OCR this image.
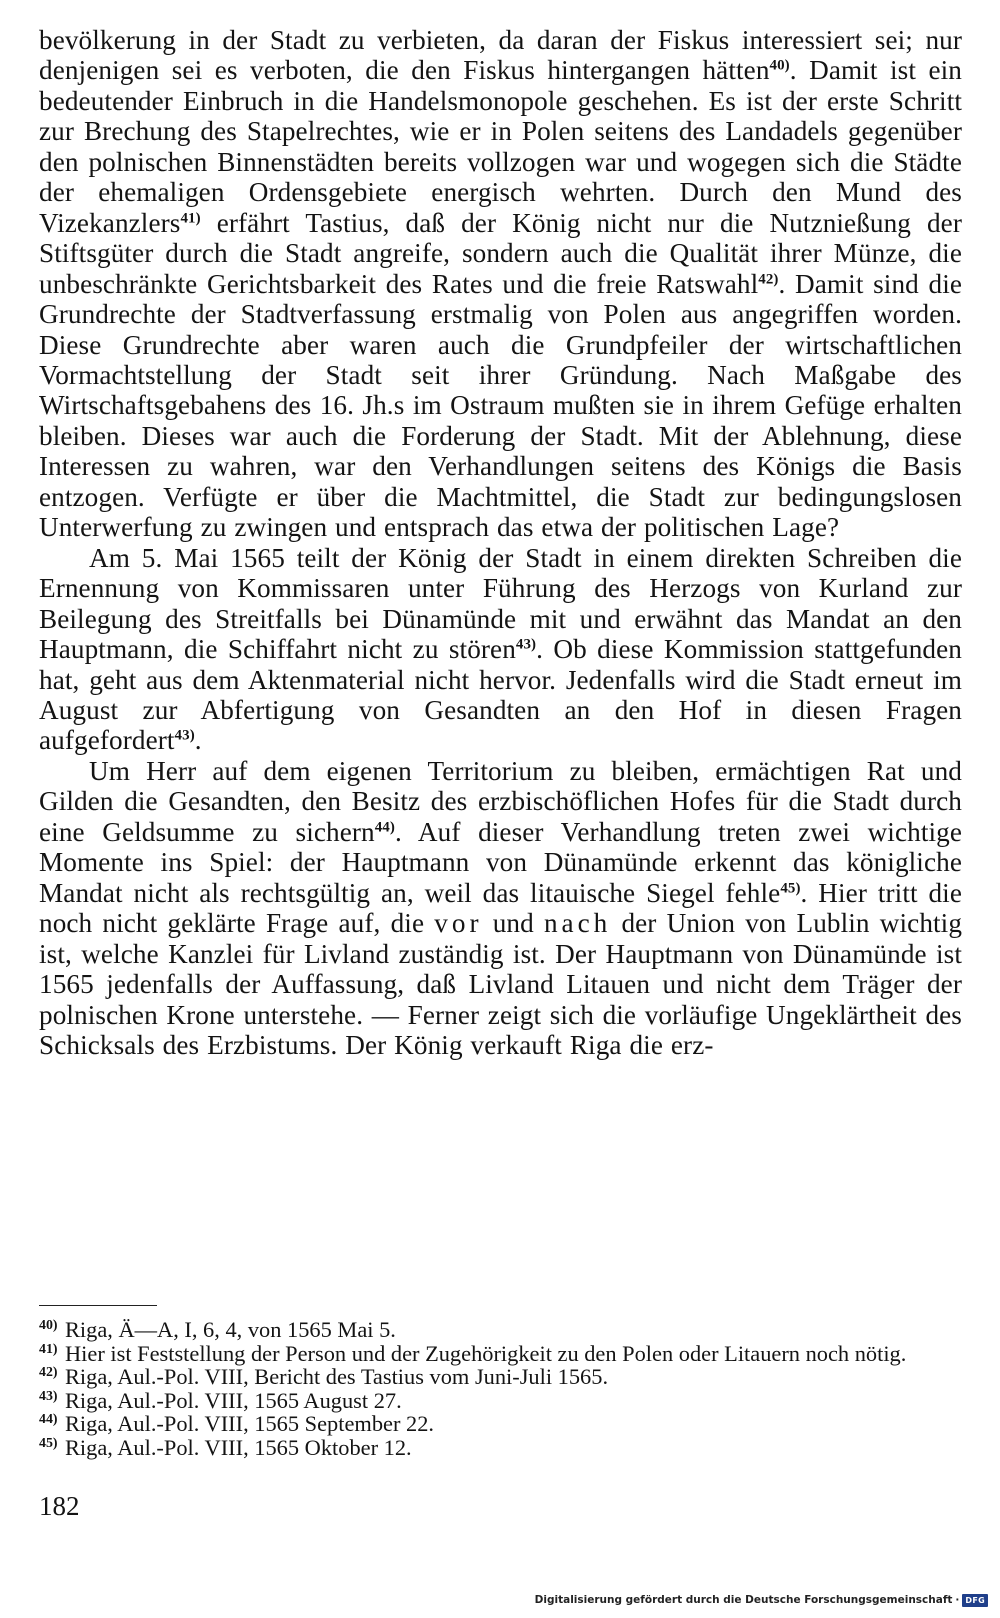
bevölkerung in der Stadt zu verbieten, da daran der Fiskus interessiert sei; nur denjenigen sei es verboten, die den Fiskus hintergangen hätten$^{40)}$. Damit ist ein bedeutender Einbruch in die Handelsmonopole geschehen. Es ist der erste Schritt zur Brechung des Stapelrechtes, wie er in Polen seitens des Landadels gegenüber den polnischen Binnenstädten bereits vollzogen war und wogegen sich die Städte der ehemaligen Ordensgebiete energisch wehrten. Durch den Mund des Vizekanzlers$^{41)}$ erfährt Tastius, daß der König nicht nur die Nutznießung der Stiftsgüter durch die Stadt angreife, sondern auch die Qualität ihrer Münze, die unbeschränkte Gerichtsbarkeit des Rates und die freie Ratswahl$^{42)}$. Damit sind die Grundrechte der Stadtverfassung erstmalig von Polen aus angegriffen worden. Diese Grundrechte aber waren auch die Grundpfeiler der wirtschaftlichen Vormachtstellung der Stadt seit ihrer Gründung. Nach Maßgabe des Wirtschaftsgebahens des 16. Jh.s im Ostraum mußten sie in ihrem Gefüge erhalten bleiben. Dieses war auch die Forderung der Stadt. Mit der Ablehnung, diese Interessen zu wahren, war den Verhandlungen seitens des Königs die Basis entzogen. Verfügte er über die Machtmittel, die Stadt zur bedingungslosen Unterwerfung zu zwingen und entsprach das etwa der politischen Lage?

Am 5. Mai 1565 teilt der König der Stadt in einem direkten Schreiben die Ernennung von Kommissaren unter Führung des Herzogs von Kurland zur Beilegung des Streitfalls bei Dünamünde mit und erwähnt das Mandat an den Hauptmann, die Schiffahrt nicht zu stören$^{43)}$. Ob diese Kommission stattgefunden hat, geht aus dem Aktenmaterial nicht hervor. Jedenfalls wird die Stadt erneut im August zur Abfertigung von Gesandten an den Hof in diesen Fragen aufgefordert$^{43)}$.

Um Herr auf dem eigenen Territorium zu bleiben, ermächtigen Rat und Gilden die Gesandten, den Besitz des erzbischöflichen Hofes für die Stadt durch eine Geldsumme zu sichern$^{44)}$. Auf dieser Verhandlung treten zwei wichtige Momente ins Spiel: der Hauptmann von Dünamünde erkennt das königliche Mandat nicht als rechtsgültig an, weil das litauische Siegel fehle$^{45)}$. Hier tritt die noch nicht geklärte Frage auf, die vor und nach der Union von Lublin wichtig ist, welche Kanzlei für Livland zuständig ist. Der Hauptmann von Dünamünde ist 1565 jedenfalls der Auffassung, daß Livland Litauen und nicht dem Träger der polnischen Krone unterstehe. — Ferner zeigt sich die vorläufige Ungeklärtheit des Schicksals des Erzbistums. Der König verkauft Riga die erz-

40) Riga, Ä—A, I, 6, 4, von 1565 Mai 5.

41) Hier ist Feststellung der Person und der Zugehörigkeit zu den Polen oder Litauern noch nötig.

42) Riga, Aul.-Pol. VIII, Bericht des Tastius vom Juni-Juli 1565.

43) Riga, Aul.-Pol. VIII, 1565 August 27.

44) Riga, Aul.-Pol. VIII, 1565 September 22.

45) Riga, Aul.-Pol. VIII, 1565 Oktober 12.

182
Digitalisierung gefördert durch die Deutsche Forschungsgemeinschaft · DFG
